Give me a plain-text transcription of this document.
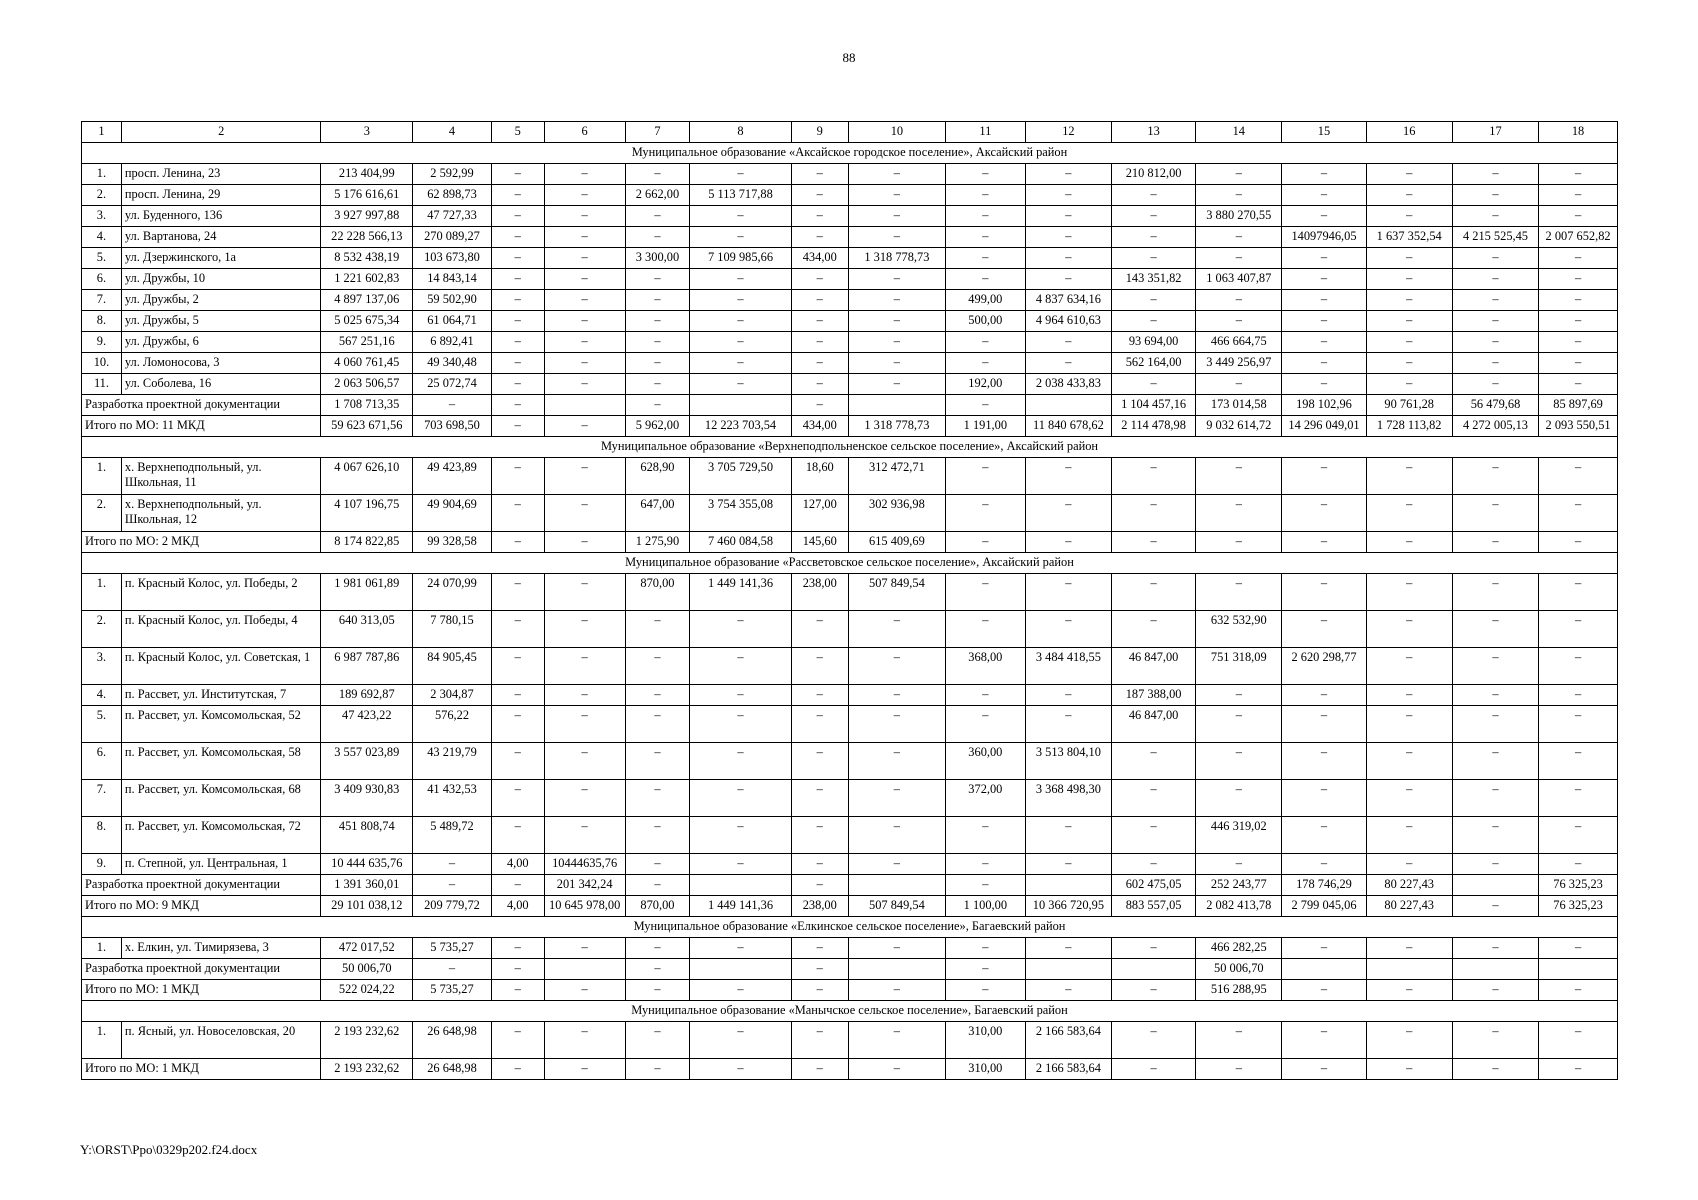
88
1	2	3	4	5	6	7	8	9	10	11	12	13	14	15	16	17	18
Муниципальное образование «Аксайское городское поселение», Аксайский район																	
1.	просп. Ленина, 23	213 404,99	2 592,99	–	–	–	–	–	–	–	–	210 812,00	–	–	–	–	–
2.	просп. Ленина, 29	5 176 616,61	62 898,73	–	–	2 662,00	5 113 717,88	–	–	–	–	–	–	–	–	–	–
3.	ул. Буденного, 136	3 927 997,88	47 727,33	–	–	–	–	–	–	–	–	–	3 880 270,55	–	–	–	–
4.	ул. Вартанова, 24	22 228 566,13	270 089,27	–	–	–	–	–	–	–	–	–	–	14097946,05	1 637 352,54	4 215 525,45	2 007 652,82
5.	ул. Дзержинского, 1а	8 532 438,19	103 673,80	–	–	3 300,00	7 109 985,66	434,00	1 318 778,73	–	–	–	–	–	–	–	–
6.	ул. Дружбы, 10	1 221 602,83	14 843,14	–	–	–	–	–	–	–	–	143 351,82	1 063 407,87	–	–	–	–
7.	ул. Дружбы, 2	4 897 137,06	59 502,90	–	–	–	–	–	–	499,00	4 837 634,16	–	–	–	–	–	–
8.	ул. Дружбы, 5	5 025 675,34	61 064,71	–	–	–	–	–	–	500,00	4 964 610,63	–	–	–	–	–	–
9.	ул. Дружбы, 6	567 251,16	6 892,41	–	–	–	–	–	–	–	–	93 694,00	466 664,75	–	–	–	–
10.	ул. Ломоносова, 3	4 060 761,45	49 340,48	–	–	–	–	–	–	–	–	562 164,00	3 449 256,97	–	–	–	–
11.	ул. Соболева, 16	2 063 506,57	25 072,74	–	–	–	–	–	–	192,00	2 038 433,83	–	–	–	–	–	–
Разработка проектной документации		1 708 713,35	–	–		–		–		–		1 104 457,16	173 014,58	198 102,96	90 761,28	56 479,68	85 897,69
Итого по МО: 11 МКД		59 623 671,56	703 698,50	–	–	5 962,00	12 223 703,54	434,00	1 318 778,73	1 191,00	11 840 678,62	2 114 478,98	9 032 614,72	14 296 049,01	1 728 113,82	4 272 005,13	2 093 550,51
Муниципальное образование «Верхнеподпольненское сельское поселение», Аксайский район																	
1.	х. Верхнеподпольный, ул. Школьная, 11	4 067 626,10	49 423,89	–	–	628,90	3 705 729,50	18,60	312 472,71	–	–	–	–	–	–	–	–
2.	х. Верхнеподпольный, ул. Школьная, 12	4 107 196,75	49 904,69	–	–	647,00	3 754 355,08	127,00	302 936,98	–	–	–	–	–	–	–	–
Итого по МО: 2 МКД		8 174 822,85	99 328,58	–	–	1 275,90	7 460 084,58	145,60	615 409,69	–	–	–	–	–	–	–	–
Муниципальное образование «Рассветовское сельское поселение», Аксайский район																	
1.	п. Красный Колос, ул. Победы, 2	1 981 061,89	24 070,99	–	–	870,00	1 449 141,36	238,00	507 849,54	–	–	–	–	–	–	–	–
2.	п. Красный Колос, ул. Победы, 4	640 313,05	7 780,15	–	–	–	–	–	–	–	–	–	632 532,90	–	–	–	–
3.	п. Красный Колос, ул. Советская, 1	6 987 787,86	84 905,45	–	–	–	–	–	–	368,00	3 484 418,55	46 847,00	751 318,09	2 620 298,77	–	–	–
4.	п. Рассвет, ул. Институтская, 7	189 692,87	2 304,87	–	–	–	–	–	–	–	–	187 388,00	–	–	–	–	–
5.	п. Рассвет, ул. Комсомольская, 52	47 423,22	576,22	–	–	–	–	–	–	–	–	46 847,00	–	–	–	–	–
6.	п. Рассвет, ул. Комсомольская, 58	3 557 023,89	43 219,79	–	–	–	–	–	–	360,00	3 513 804,10	–	–	–	–	–	–
7.	п. Рассвет, ул. Комсомольская, 68	3 409 930,83	41 432,53	–	–	–	–	–	–	372,00	3 368 498,30	–	–	–	–	–	–
8.	п. Рассвет, ул. Комсомольская, 72	451 808,74	5 489,72	–	–	–	–	–	–	–	–	–	446 319,02	–	–	–	–
9.	п. Степной, ул. Центральная, 1	10 444 635,76	–	4,00	10444635,76	–	–	–	–	–	–	–	–	–	–	–	–
Разработка проектной документации		1 391 360,01	–	–	201 342,24	–		–		–		602 475,05	252 243,77	178 746,29	80 227,43		76 325,23
Итого по МО: 9 МКД		29 101 038,12	209 779,72	4,00	10 645 978,00	870,00	1 449 141,36	238,00	507 849,54	1 100,00	10 366 720,95	883 557,05	2 082 413,78	2 799 045,06	80 227,43	–	76 325,23
Муниципальное образование «Елкинское сельское поселение», Багаевский район																	
1.	х. Елкин, ул. Тимирязева, 3	472 017,52	5 735,27	–	–	–	–	–	–	–	–	–	466 282,25	–	–	–	–
Разработка проектной документации		50 006,70	–	–		–		–		–			50 006,70				
Итого по МО: 1 МКД		522 024,22	5 735,27	–	–	–	–	–	–	–	–	–	516 288,95	–	–	–	–
Муниципальное образование «Манычское сельское поселение», Багаевский район																	
1.	п. Ясный, ул. Новоселовская, 20	2 193 232,62	26 648,98	–	–	–	–	–	–	310,00	2 166 583,64	–	–	–	–	–	–
Итого по МО: 1 МКД		2 193 232,62	26 648,98	–	–	–	–	–	–	310,00	2 166 583,64	–	–	–	–	–	–
Y:\ORST\Ppo\0329p202.f24.docx
